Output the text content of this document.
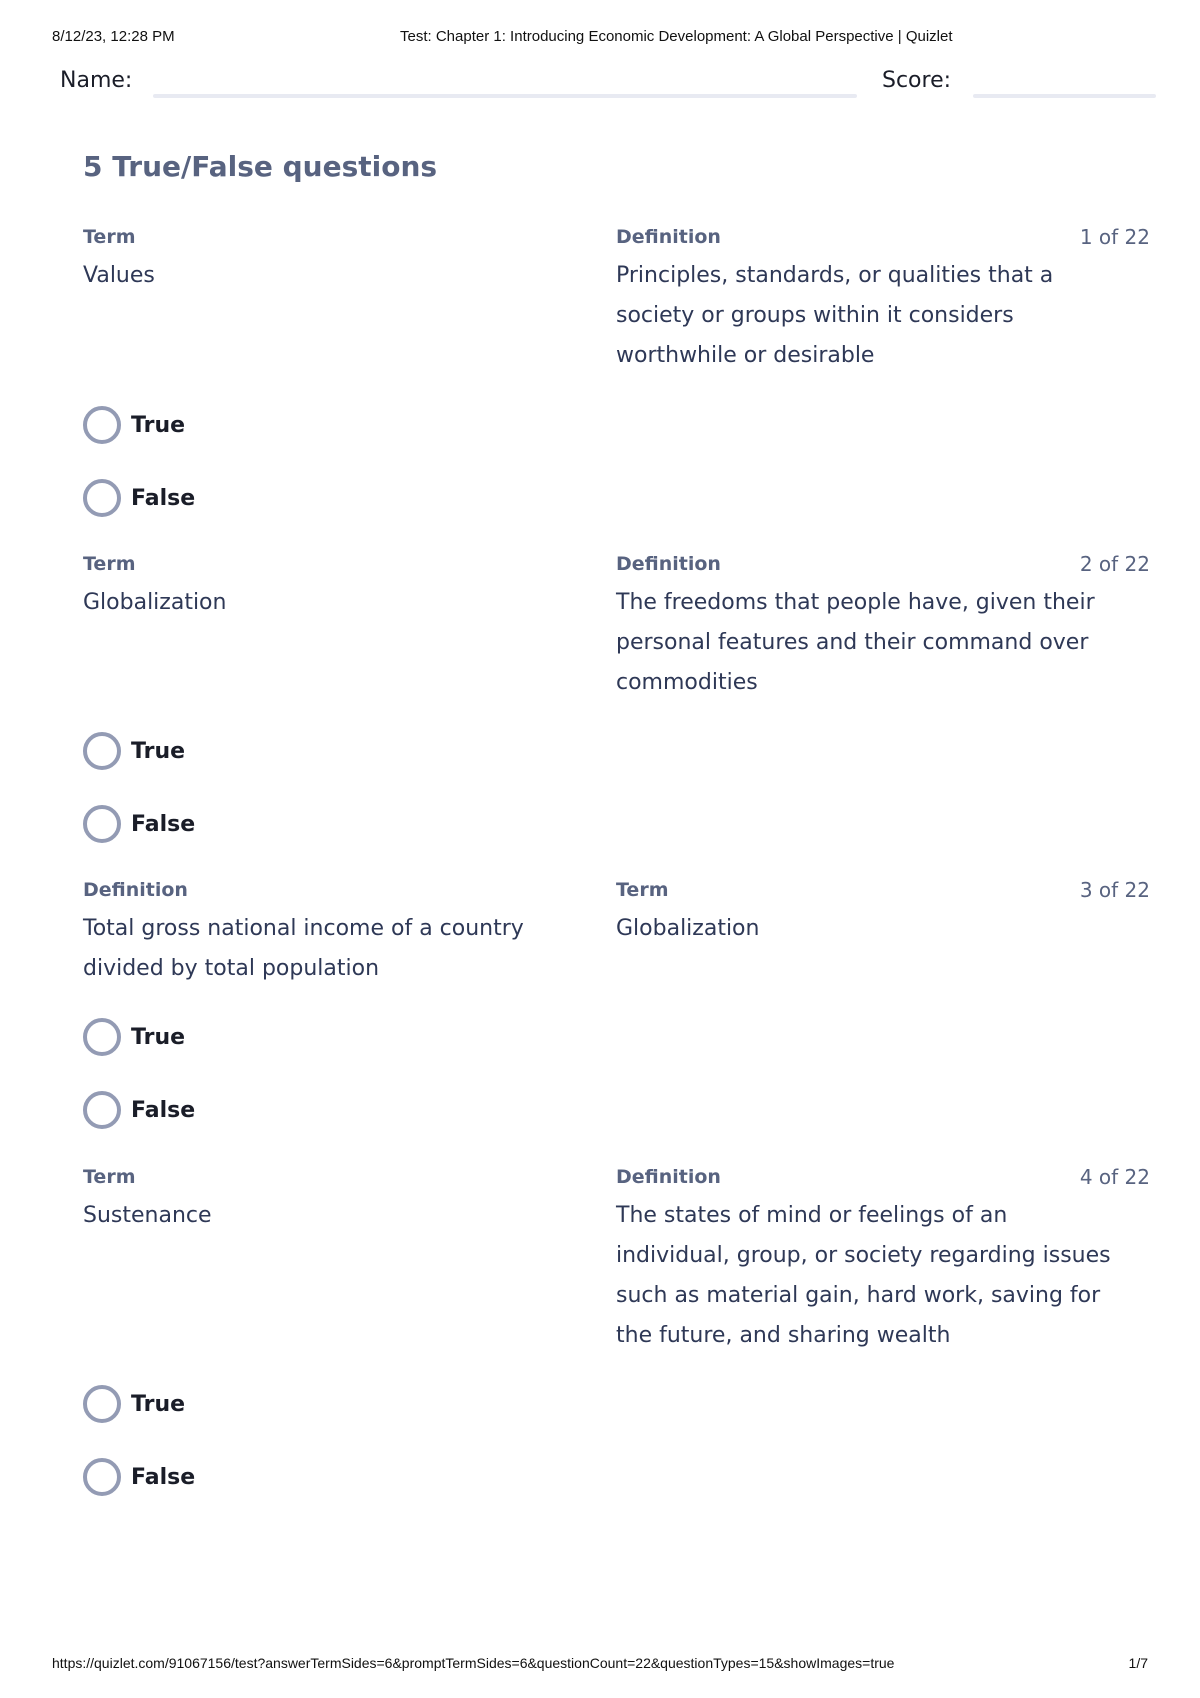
8/12/23, 12:28 PM	Test: Chapter 1: Introducing Economic Development: A Global Perspective | Quizlet
Name:	Score:
5 True/False questions
Term
Values
Definition
Principles, standards, or qualities that a society or groups within it considers worthwhile or desirable
1 of 22
True
False
Term
Globalization
Definition
The freedoms that people have, given their personal features and their command over commodities
2 of 22
True
False
Definition
Total gross national income of a country divided by total population
Term
Globalization
3 of 22
True
False
Term
Sustenance
Definition
The states of mind or feelings of an individual, group, or society regarding issues such as material gain, hard work, saving for the future, and sharing wealth
4 of 22
True
False
https://quizlet.com/91067156/test?answerTermSides=6&promptTermSides=6&questionCount=22&questionTypes=15&showImages=true	1/7
